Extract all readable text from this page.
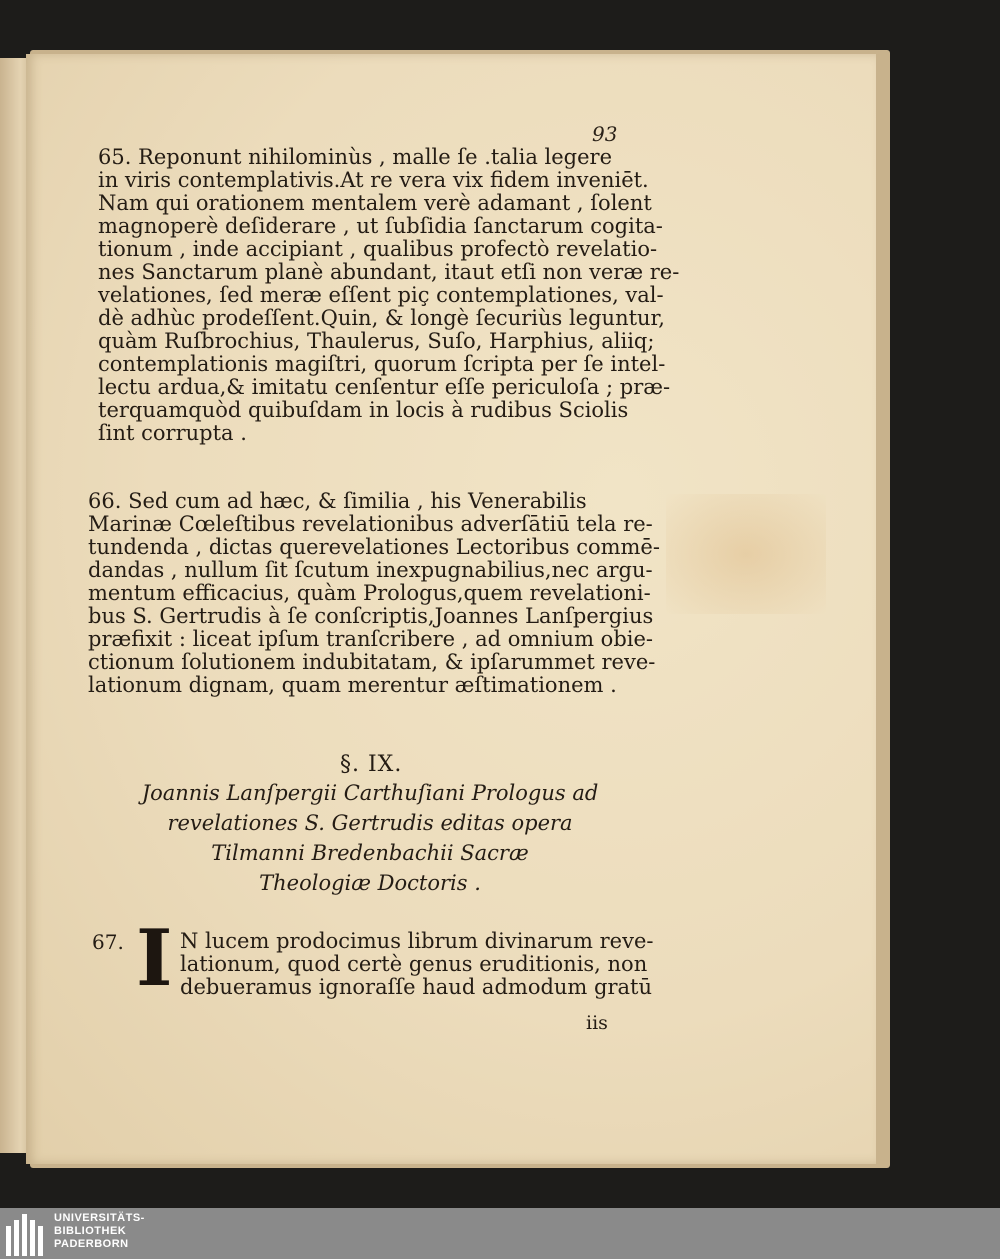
93
65. Reponunt nihilominùs , malle ſe .talia legere
in viris contemplativis.At re vera vix fidem inveniēt.
Nam qui orationem mentalem verè adamant , ſolent
magnoperè deſiderare , ut ſubſidia ſanctarum cogita-
tionum , inde accipiant , qualibus profectò revelatio-
nes Sanctarum planè abundant, itaut etſi non veræ re-
velationes, ſed meræ eſſent piç contemplationes, val-
dè adhùc prodeſſent.Quin, & longè ſecuriùs leguntur,
quàm Ruſbrochius, Thaulerus, Suſo, Harphius, aliiq;
contemplationis magiſtri, quorum ſcripta per ſe intel-
lectu ardua,& imitatu cenſentur eſſe periculoſa ; præ-
terquamquòd quibuſdam in locis à rudibus Sciolis
ſint corrupta .
66. Sed cum ad hæc, & ſimilia , his Venerabilis
Marinæ Cœleſtibus revelationibus adverſātiū tela re-
tundenda , dictas querevelationes Lectoribus commē-
dandas , nullum ſit ſcutum inexpugnabilius,nec argu-
mentum efficacius, quàm Prologus,quem revelationi-
bus S. Gertrudis à ſe conſcriptis,Joannes Lanſpergius
præfixit : liceat ipſum tranſcribere , ad omnium obie-
ctionum ſolutionem indubitatam, & ipſarummet reve-
lationum dignam, quam merentur æſtimationem .
§. IX.
Joannis Lanſpergii Carthuſiani Prologus ad
revelationes S. Gertrudis editas opera
Tilmanni Bredenbachii Sacræ
Theologiæ Doctoris .
67. I N lucem prodocimus librum divinarum reve-
lationum, quod certè genus eruditionis, non
debueramus ignoraſſe haud admodum gratū
iis
UNIVERSITÄTS-
BIBLIOTHEK
PADERBORN
